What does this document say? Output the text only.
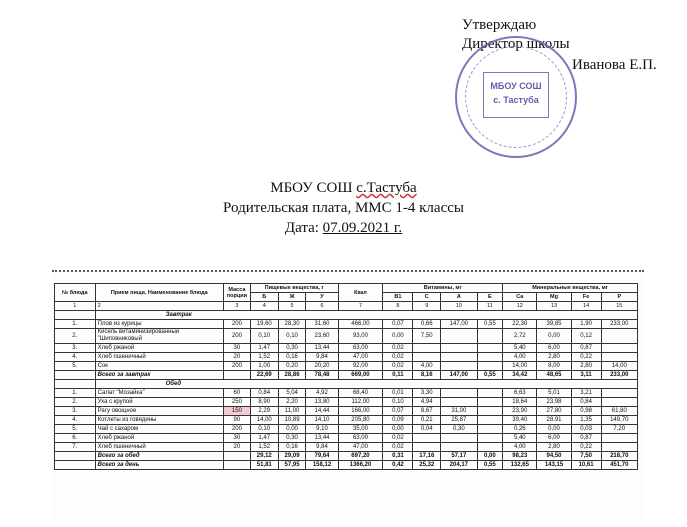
Утверждаю
Директор школы
Иванова Е.П.
МБОУ СОШ
с. Тастуба
МБОУ СОШ с.Тастуба
Родительская плата, ММС 1-4 классы
Дата: 07.09.2021 г.
№ блюда	Прием пищи, Наименование блюда	Масса порции	Пищевые вещества, г			Ккал	Витамины, мг				Минеральные вещества, мг			
			Б	Ж	У		В1	С	А	Е	Ca	Mg	Fe	P
1	2	3	4	5	6	7	8	9	10	11	12	13	14	15
	Завтрак													
1.	Плов из курицы	200	19,60	28,30	31,60	466,00	0,07	0,66	147,00	0,55	22,30	39,85	1,90	233,00
2.	Кисель витаминизированный "Шиповниковый	200	0,10	0,10	23,60	93,00	0,00	7,50			2,72	0,00	0,12	
3.	Хлеб ржаной	30	1,47	0,30	13,44	63,00	0,02				5,40	6,00	0,87	
4.	Хлеб пшеничный	20	1,52	0,16	9,84	47,00	0,02				4,00	2,80	0,22	
5.	Сок	200	1,00	0,20	20,20	92,00	0,02	4,00			14,00	8,00	2,80	14,00
	Всего за завтрак		22,69	28,86	78,48	669,00	0,11	8,16	147,00	0,55	34,42	48,65	3,11	233,00
	Обед													
1.	Салат "Мозайка"	60	0,84	5,04	4,92	68,40	0,01	3,30			6,63	5,01	3,21	
2.	Уха с крупой	250	8,90	2,20	13,80	112,00	0,10	4,94			18,64	23,98	0,84	
3.	Рагу овощное	150	2,29	11,00	14,44	166,00	0,07	8,67	31,00		23,90	27,80	0,98	61,80
4.	Котлеты из говядины	90	14,00	10,89	14,10	205,80	0,09	0,21	25,87		39,40	28,91	1,35	149,70
5.	Чай с сахаром	200	0,10	0,00	9,10	35,00	0,00	0,04	0,30		0,26	0,00	0,03	7,20
6.	Хлеб ржаной	30	1,47	0,30	13,44	63,00	0,02				5,40	6,00	0,87	
7.	Хлеб пшеничный	20	1,52	0,16	9,84	47,00	0,02				4,00	2,80	0,22	
	Всего за обед		29,12	29,09	79,64	697,20	0,31	17,16	57,17	0,00	98,23	94,50	7,50	218,70
	Всего за день		51,81	57,95	158,12	1366,20	0,42	25,32	204,17	0,55	132,65	143,15	10,61	451,70
